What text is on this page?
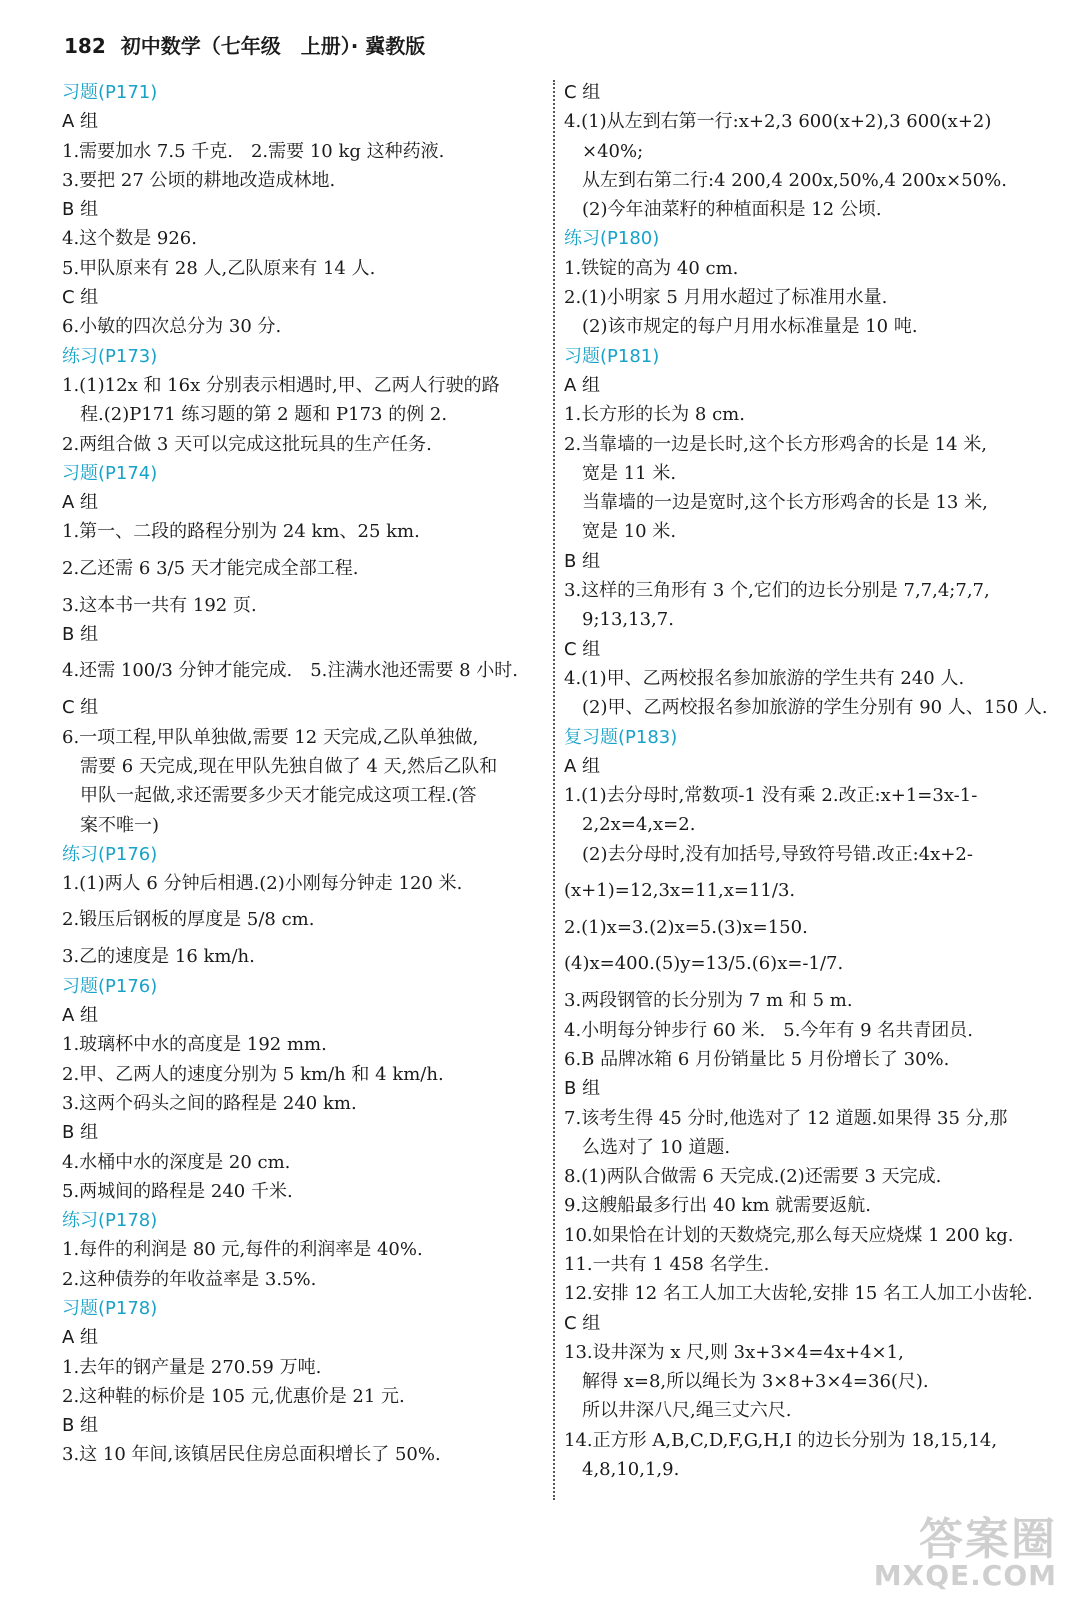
182 初中数学（七年级　上册）· 冀教版
习题(P171)
A 组
1.需要加水 7.5 千克.　2.需要 10 kg 这种药液.
3.要把 27 公顷的耕地改造成林地.
B 组
4.这个数是 926.
5.甲队原来有 28 人,乙队原来有 14 人.
C 组
6.小敏的四次总分为 30 分.
练习(P173)
1.(1)12x 和 16x 分别表示相遇时,甲、乙两人行驶的路
程.(2)P171 练习题的第 2 题和 P173 的例 2.
2.两组合做 3 天可以完成这批玩具的生产任务.
习题(P174)
A 组
1.第一、二段的路程分别为 24 km、25 km.
2.乙还需 6 3/5 天才能完成全部工程.
3.这本书一共有 192 页.
B 组
4.还需 100/3 分钟才能完成.　5.注满水池还需要 8 小时.
C 组
6.一项工程,甲队单独做,需要 12 天完成,乙队单独做,
需要 6 天完成,现在甲队先独自做了 4 天,然后乙队和
甲队一起做,求还需要多少天才能完成这项工程.(答
案不唯一)
练习(P176)
1.(1)两人 6 分钟后相遇.(2)小刚每分钟走 120 米.
2.锻压后钢板的厚度是 5/8 cm.
3.乙的速度是 16 km/h.
习题(P176)
A 组
1.玻璃杯中水的高度是 192 mm.
2.甲、乙两人的速度分别为 5 km/h 和 4 km/h.
3.这两个码头之间的路程是 240 km.
B 组
4.水桶中水的深度是 20 cm.
5.两城间的路程是 240 千米.
练习(P178)
1.每件的利润是 80 元,每件的利润率是 40%.
2.这种债券的年收益率是 3.5%.
习题(P178)
A 组
1.去年的钢产量是 270.59 万吨.
2.这种鞋的标价是 105 元,优惠价是 21 元.
B 组
3.这 10 年间,该镇居民住房总面积增长了 50%.
C 组
4.(1)从左到右第一行:x+2,3 600(x+2),3 600(x+2)
×40%;
从左到右第二行:4 200,4 200x,50%,4 200x×50%.
(2)今年油菜籽的种植面积是 12 公顷.
练习(P180)
1.铁锭的高为 40 cm.
2.(1)小明家 5 月用水超过了标准用水量.
(2)该市规定的每户月用水标准量是 10 吨.
习题(P181)
A 组
1.长方形的长为 8 cm.
2.当靠墙的一边是长时,这个长方形鸡舍的长是 14 米,
宽是 11 米.
当靠墙的一边是宽时,这个长方形鸡舍的长是 13 米,
宽是 10 米.
B 组
3.这样的三角形有 3 个,它们的边长分别是 7,7,4;7,7,
9;13,13,7.
C 组
4.(1)甲、乙两校报名参加旅游的学生共有 240 人.
(2)甲、乙两校报名参加旅游的学生分别有 90 人、150 人.
复习题(P183)
A 组
1.(1)去分母时,常数项-1 没有乘 2.改正:x+1=3x-1-
2,2x=4,x=2.
(2)去分母时,没有加括号,导致符号错.改正:4x+2-
(x+1)=12,3x=11,x=11/3.
2.(1)x=3.(2)x=5.(3)x=150.
(4)x=400.(5)y=13/5.(6)x=-1/7.
3.两段钢管的长分别为 7 m 和 5 m.
4.小明每分钟步行 60 米.　5.今年有 9 名共青团员.
6.B 品牌冰箱 6 月份销量比 5 月份增长了 30%.
B 组
7.该考生得 45 分时,他选对了 12 道题.如果得 35 分,那
么选对了 10 道题.
8.(1)两队合做需 6 天完成.(2)还需要 3 天完成.
9.这艘船最多行出 40 km 就需要返航.
10.如果恰在计划的天数烧完,那么每天应烧煤 1 200 kg.
11.一共有 1 458 名学生.
12.安排 12 名工人加工大齿轮,安排 15 名工人加工小齿轮.
C 组
13.设井深为 x 尺,则 3x+3×4=4x+4×1,
解得 x=8,所以绳长为 3×8+3×4=36(尺).
所以井深八尺,绳三丈六尺.
14.正方形 A,B,C,D,F,G,H,I 的边长分别为 18,15,14,
4,8,10,1,9.
答案圈
MXQE.COM
